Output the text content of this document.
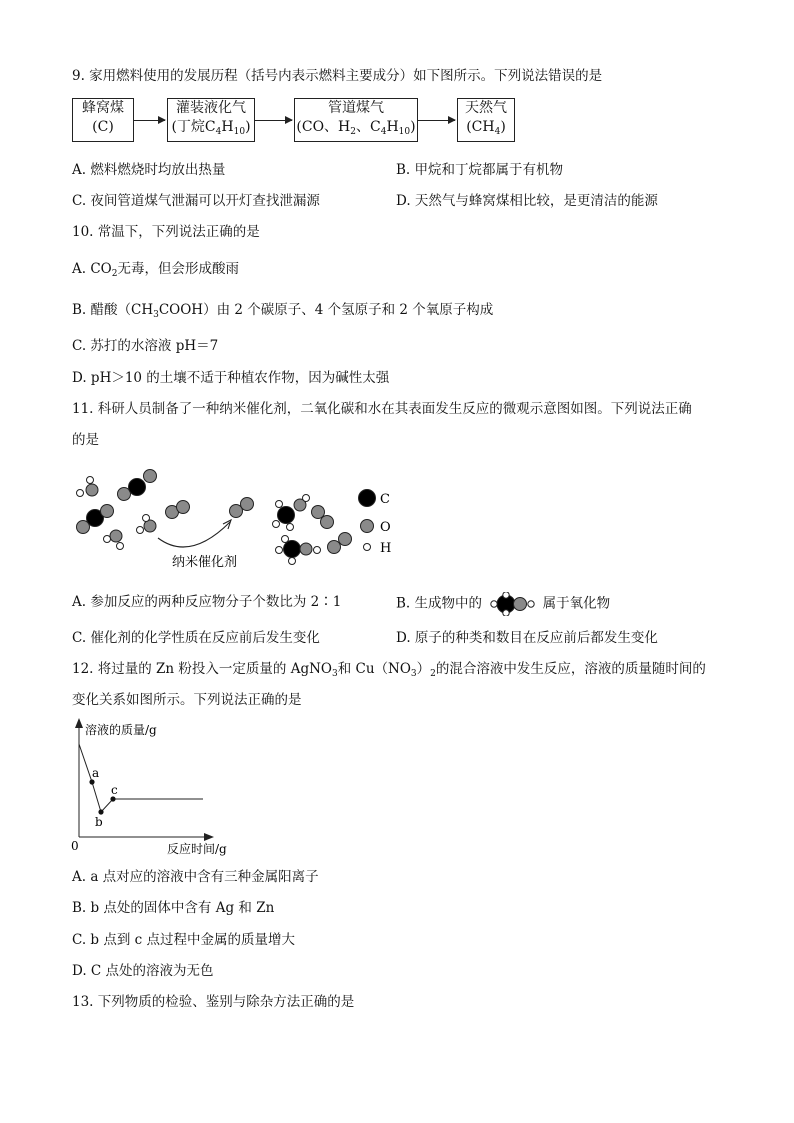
9. 家用燃料使用的发展历程（括号内表示燃料主要成分）如下图所示。下列说法错误的是
蜂窝煤
(C)
灌装液化气
(丁烷$C_4H_{10}$)
管道煤气
(CO、$H_2$、$C_4H_{10}$)
天然气
$(CH_4)$
A. 燃料燃烧时均放出热量	B. 甲烷和丁烷都属于有机物
C. 夜间管道煤气泄漏可以开灯查找泄漏源	D. 天然气与蜂窝煤相比较，是更清洁的能源
10. 常温下，下列说法正确的是
A. $CO_2$无毒，但会形成酸雨
B. 醋酸$(CH_3COOH)$由 2 个碳原子、4 个氢原子和 2 个氧原子构成
C. 苏打的水溶液 pH＝7
D. pH＞10 的土壤不适于种植农作物，因为碱性太强
11. 科研人员制备了一种纳米催化剂，二氧化碳和水在其表面发生反应的微观示意图如图。下列说法正确
的是
C
O
H
纳米催化剂
A. 参加反应的两种反应物分子个数比为 2∶1	B. 生成物中的	属于氧化物
C. 催化剂的化学性质在反应前后发生变化	D. 原子的种类和数目在反应前后都发生变化
12. 将过量的 Zn 粉投入一定质量的 AgNO$_3$和 $Cu(NO_3)_2$的混合溶液中发生反应，溶液的质量随时间的
变化关系如图所示。下列说法正确的是
a
b
c
溶液的质量/g
反应时间/g
0
A. a 点对应的溶液中含有三种金属阳离子
B. b 点处的固体中含有 Ag 和 Zn
C. b 点到 c 点过程中金属的质量增大
D. C 点处的溶液为无色
13. 下列物质的检验、鉴别与除杂方法正确的是
